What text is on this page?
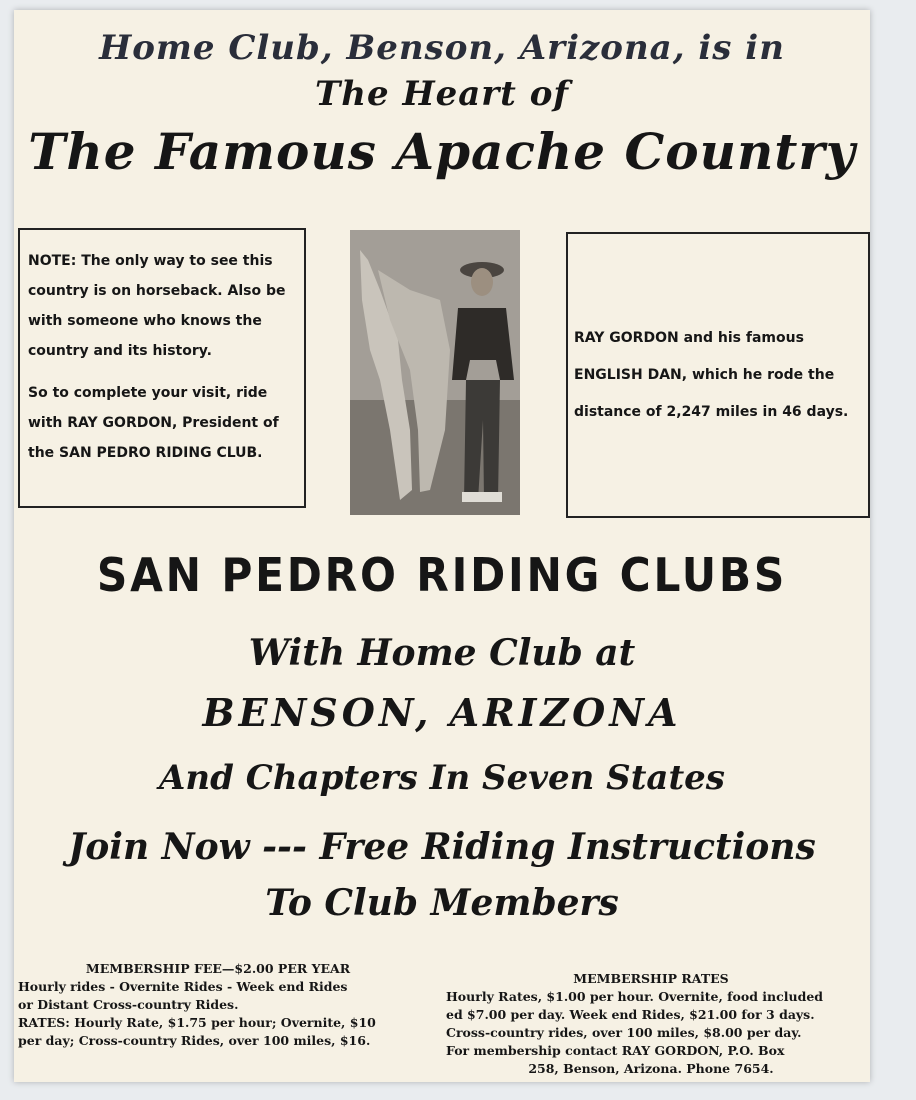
Home Club, Benson, Arizona, is in
The Heart of
The Famous Apache Country

NOTE: The only way to see this country is on horseback. Also be with someone who knows the country and its history.

So to complete your visit, ride with RAY GORDON, President of the SAN PEDRO RIDING CLUB.

RAY GORDON and his famous ENGLISH DAN, which he rode the distance of 2,247 miles in 46 days.

SAN PEDRO RIDING CLUBS
With Home Club at
BENSON, ARIZONA
And Chapters In Seven States
Join Now --- Free Riding Instructions
To Club Members
MEMBERSHIP FEE—$2.00 PER YEAR
Hourly rides - Overnite Rides - Week end Rides
or Distant Cross-country Rides.
RATES: Hourly Rate, $1.75 per hour; Overnite, $10
per day; Cross-country Rides, over 100 miles, $16.
MEMBERSHIP RATES
Hourly Rates, $1.00 per hour. Overnite, food included
ed $7.00 per day. Week end Rides, $21.00 for 3 days.
Cross-country rides, over 100 miles, $8.00 per day.
For membership contact RAY GORDON, P.O. Box
258, Benson, Arizona. Phone 7654.
